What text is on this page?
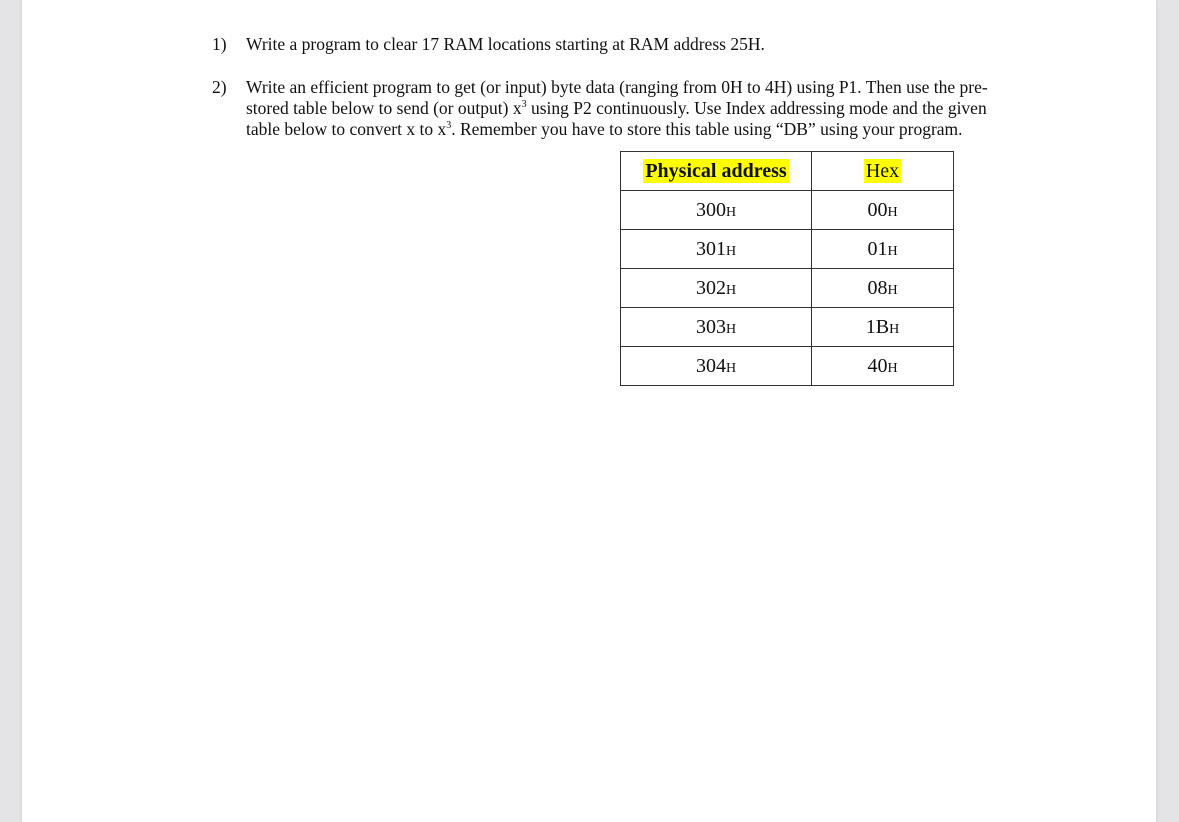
1)	Write a program to clear 17 RAM locations starting at RAM address 25H.
2)	Write an efficient program to get (or input) byte data (ranging from 0H to 4H) using P1. Then use the pre-
stored table below to send (or output) $x^3$ using P2 continuously. Use Index addressing mode and the given
table below to convert x to $x^3$. Remember you have to store this table using “DB” using your program.
Physical address	Hex
300H	00H
301H	01H
302H	08H
303H	1BH
304H	40H
